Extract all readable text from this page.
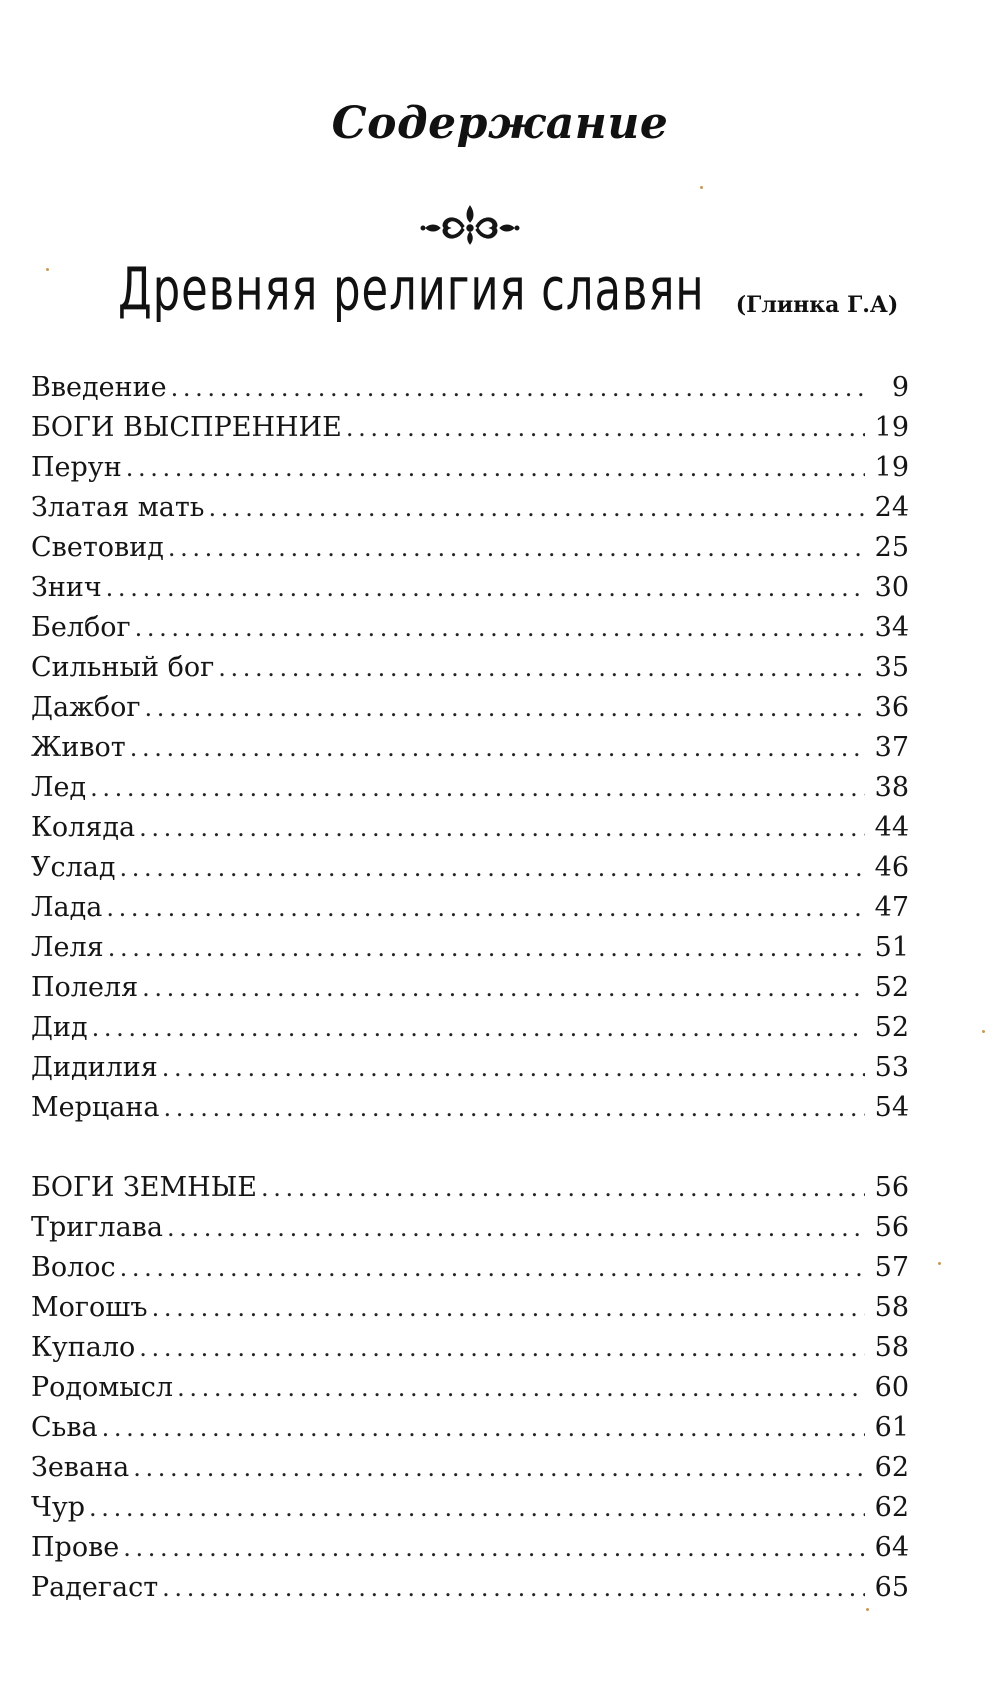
Содержание
Древняя религия славян (Глинка Г.А)
Введение . . .	9
БОГИ ВЫСПРЕННИЕ . . .	19
Перун . . .	19
Златая мать . . .	24
Световид . . .	25
Знич . . .	30
Белбог . . .	34
Сильный бог . . .	35
Дажбог . . .	36
Живот . . .	37
Лед . . .	38
Коляда . . .	44
Услад . . .	46
Лада . . .	47
Леля . . .	51
Полеля . . .	52
Дид . . .	52
Дидилия . . .	53
Мерцана . . .	54
БОГИ ЗЕМНЫЕ . . .	56
Триглава . . .	56
Волос . . .	57
Могошъ . . .	58
Купало . . .	58
Родомысл . . .	60
Сьва . . .	61
Зевана . . .	62
Чур . . .	62
Прове . . .	64
Радегаст . . .	65
